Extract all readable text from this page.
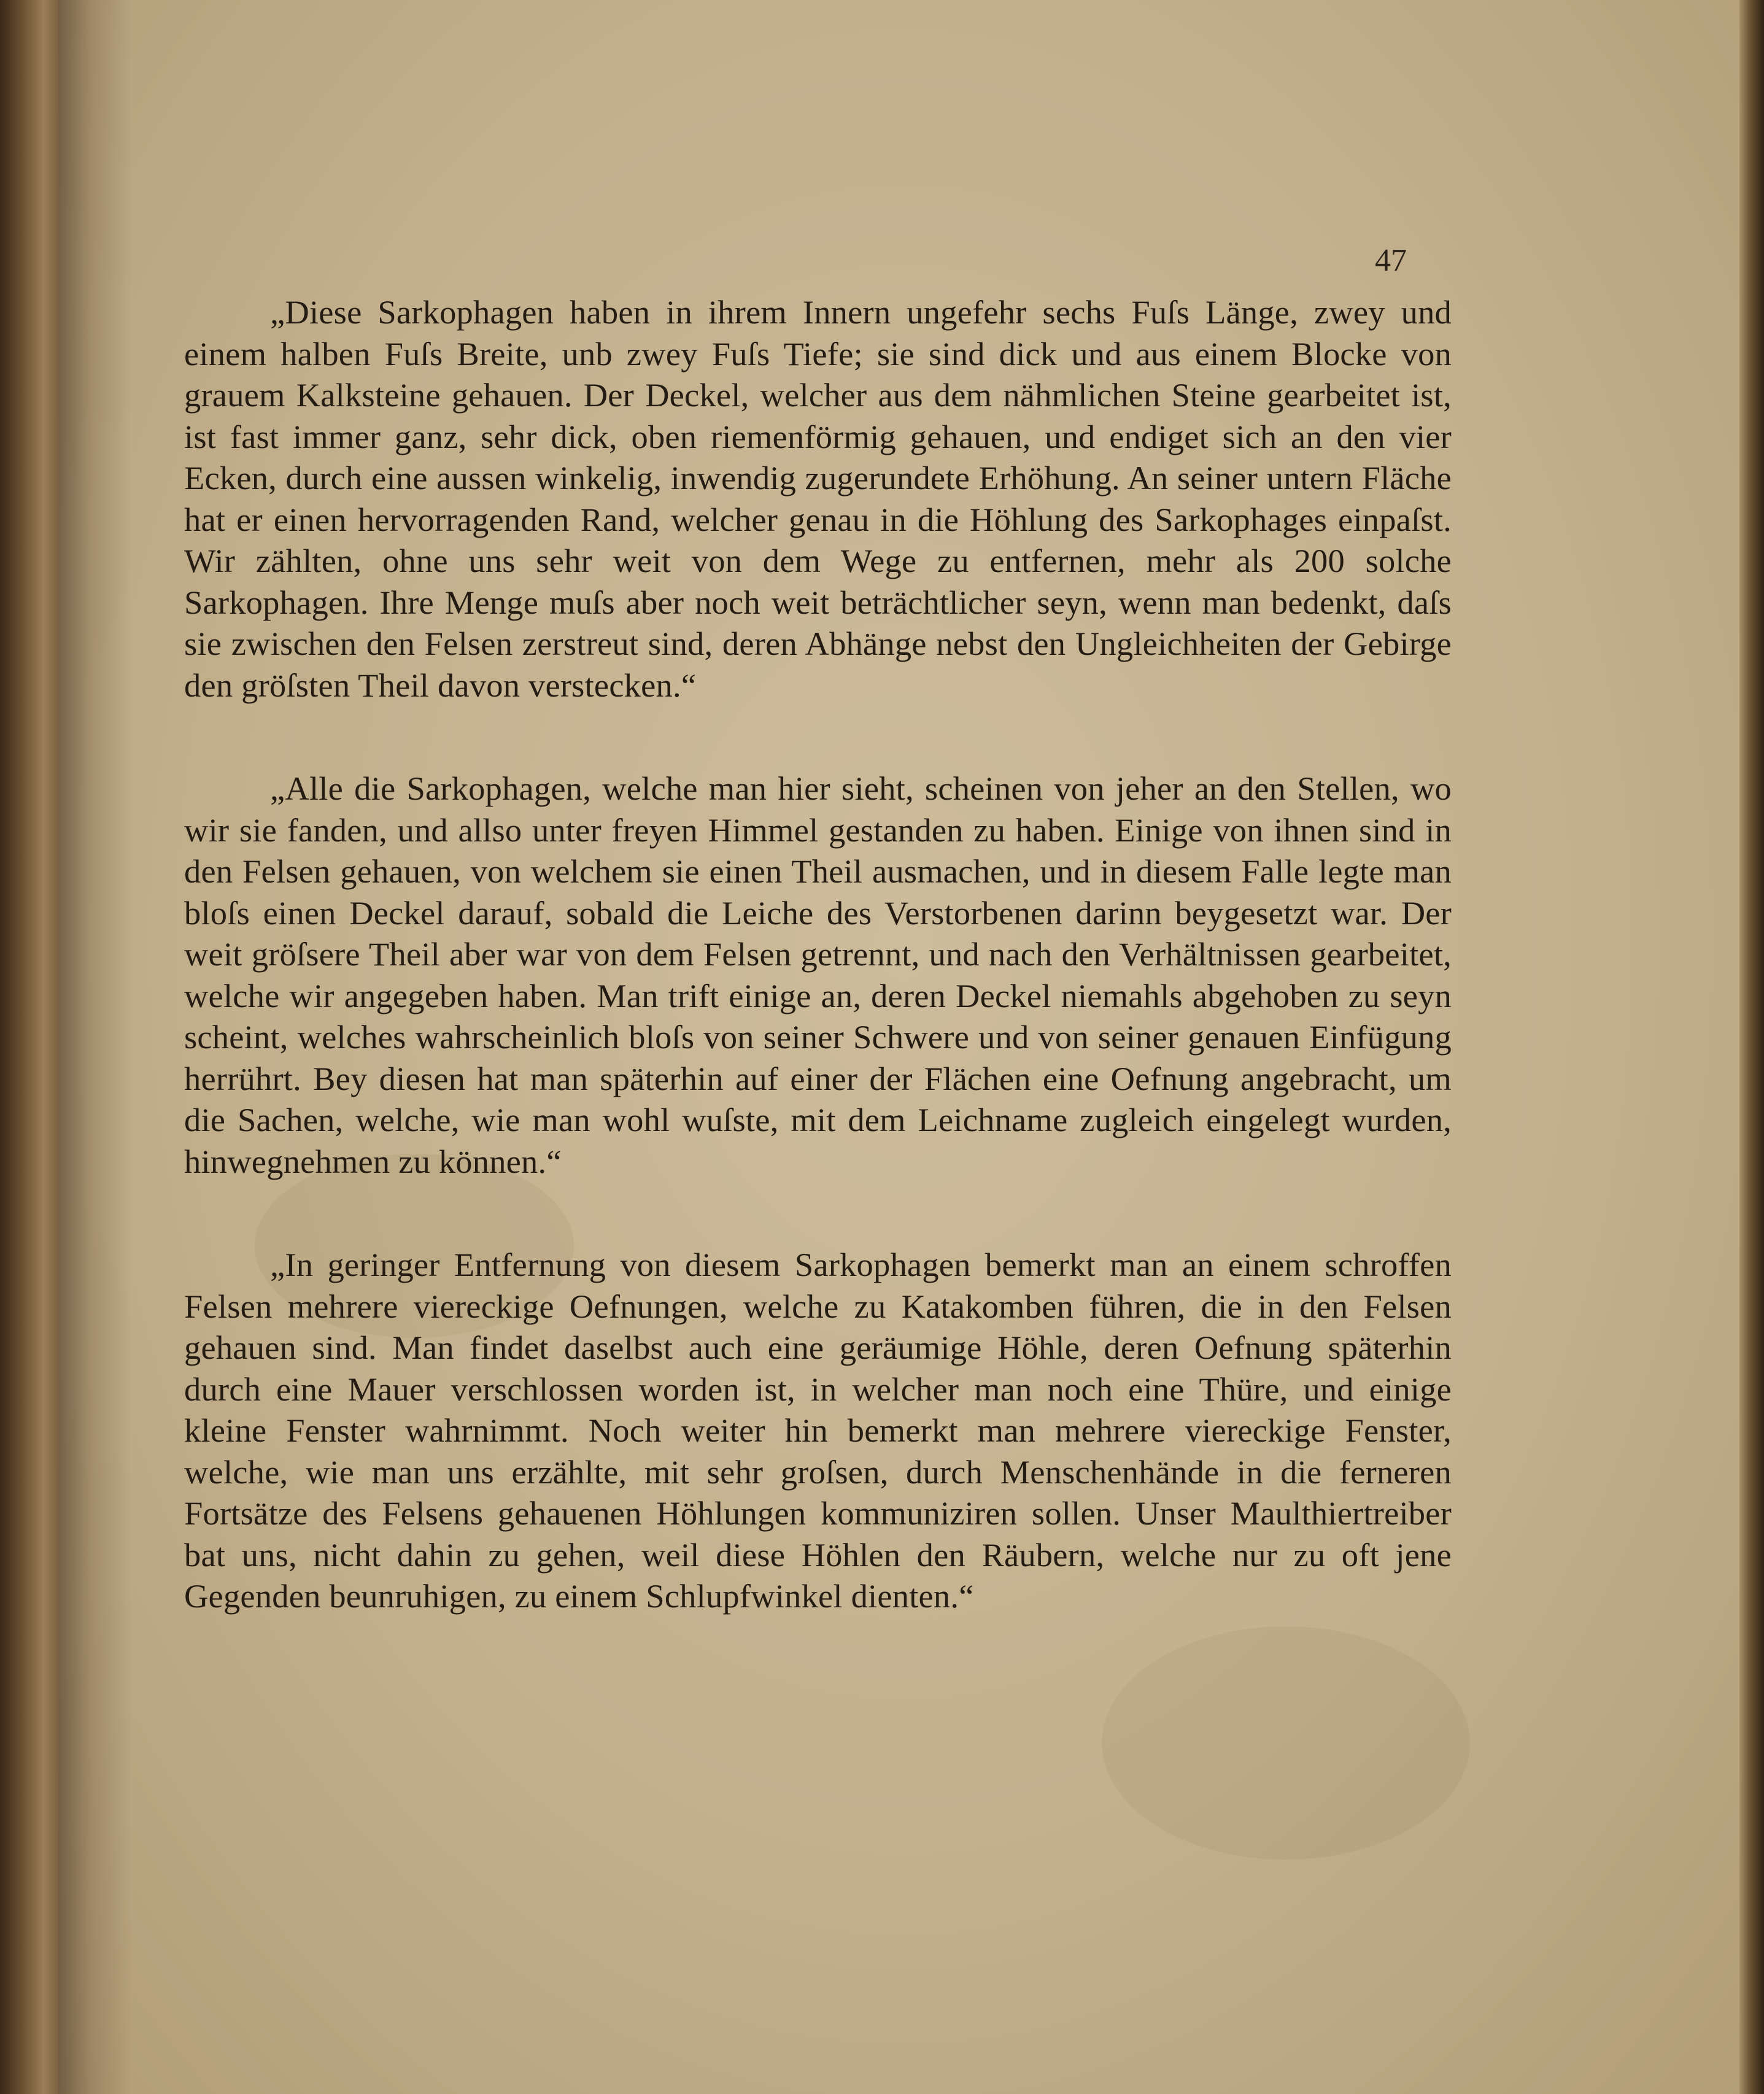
47

„Diese Sarkophagen haben in ihrem Innern ungefehr sechs Fuſs Länge, zwey und einem halben Fuſs Breite, unb zwey Fuſs Tiefe; sie sind dick und aus einem Blocke von grauem Kalksteine gehauen. Der Deckel, welcher aus dem nähmlichen Steine gearbeitet ist, ist fast immer ganz, sehr dick, oben riemenförmig gehauen, und endiget sich an den vier Ecken, durch eine aussen winkelig, inwendig zugerundete Erhöhung. An seiner untern Fläche hat er einen hervorragenden Rand, welcher genau in die Höhlung des Sarkophages einpaſst. Wir zählten, ohne uns sehr weit von dem Wege zu entfernen, mehr als 200 solche Sarkophagen. Ihre Menge muſs aber noch weit beträchtlicher seyn, wenn man bedenkt, daſs sie zwischen den Felsen zerstreut sind, deren Abhänge nebst den Ungleichheiten der Gebirge den gröſsten Theil davon verstecken.“

„Alle die Sarkophagen, welche man hier sieht, scheinen von jeher an den Stellen, wo wir sie fanden, und allso unter freyen Himmel gestanden zu haben. Einige von ihnen sind in den Felsen gehauen, von welchem sie einen Theil ausmachen, und in diesem Falle legte man bloſs einen Deckel darauf, sobald die Leiche des Verstorbenen darinn beygesetzt war. Der weit gröſsere Theil aber war von dem Felsen getrennt, und nach den Verhältnissen gearbeitet, welche wir angegeben haben. Man trift einige an, deren Deckel niemahls abgehoben zu seyn scheint, welches wahrscheinlich bloſs von seiner Schwere und von seiner genauen Einfügung herrührt. Bey diesen hat man späterhin auf einer der Flächen eine Oefnung angebracht, um die Sachen, welche, wie man wohl wuſste, mit dem Leichname zugleich eingelegt wurden, hinwegnehmen zu können.“

„In geringer Entfernung von diesem Sarkophagen bemerkt man an einem schroffen Felsen mehrere viereckige Oefnungen, welche zu Katakomben führen, die in den Felsen gehauen sind. Man findet daselbst auch eine geräumige Höhle, deren Oefnung späterhin durch eine Mauer verschlossen worden ist, in welcher man noch eine Thüre, und einige kleine Fenster wahrnimmt. Noch weiter hin bemerkt man mehrere viereckige Fenster, welche, wie man uns erzählte, mit sehr groſsen, durch Menschenhände in die ferneren Fortsätze des Felsens gehauenen Höhlungen kommuniziren sollen. Unser Maulthiertreiber bat uns, nicht dahin zu gehen, weil diese Höhlen den Räubern, welche nur zu oft jene Gegenden beunruhigen, zu einem Schlupfwinkel dienten.“
